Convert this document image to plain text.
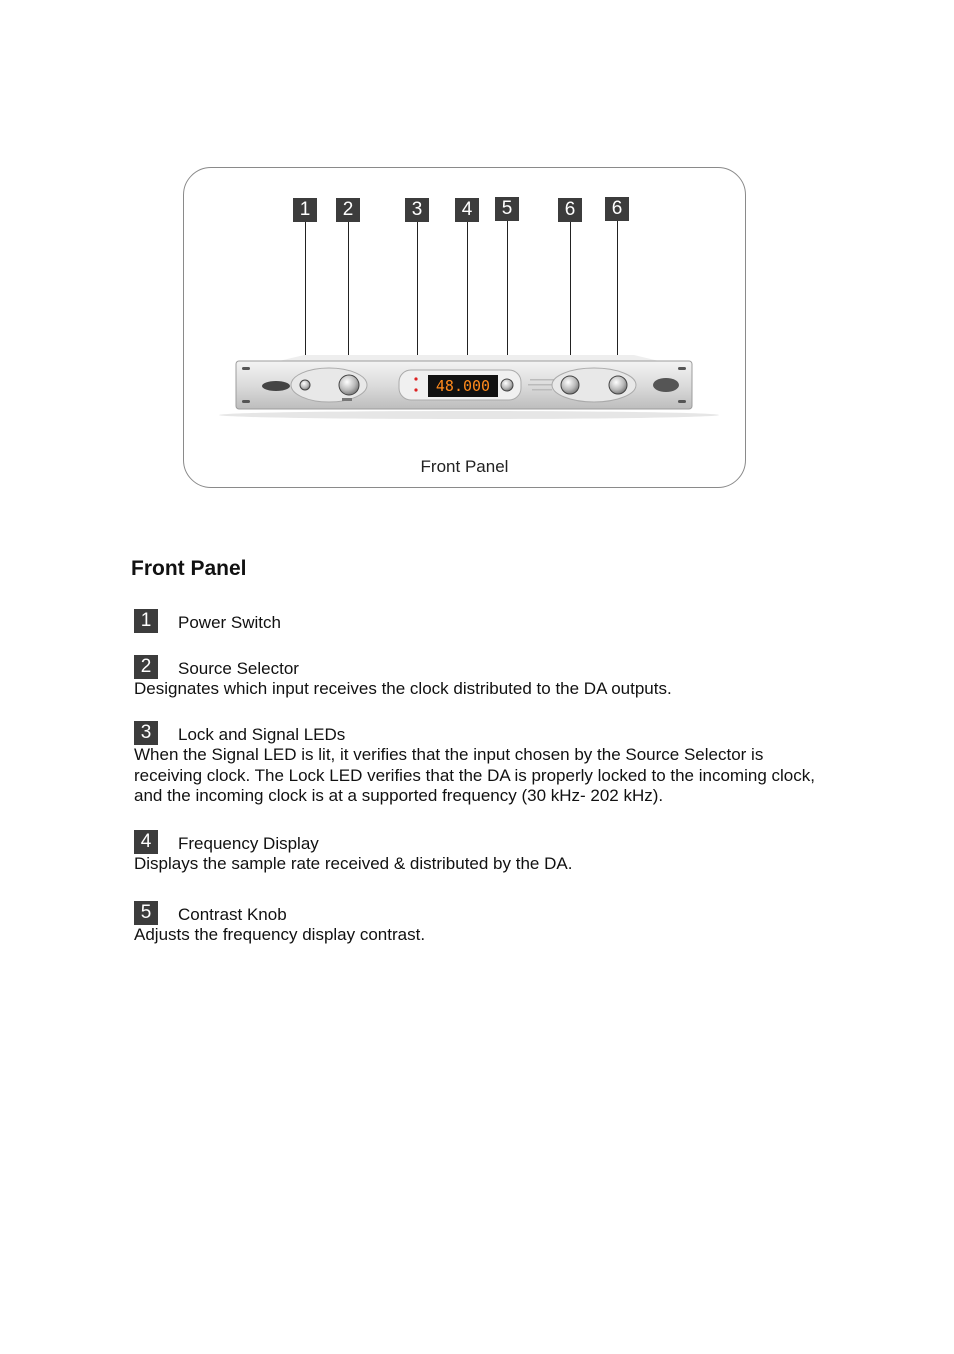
1	2	3	4	5	6	6
48.000
Front Panel
Front Panel
1	Power Switch
2	Source Selector
Designates which input receives the clock distributed to the DA outputs.
3	Lock and Signal LEDs
When the Signal LED is lit, it verifies that the input chosen by the Source Selector is receiving clock. The Lock LED verifies that the DA is properly locked to the incoming clock, and the incoming clock is at a supported frequency (30 kHz- 202 kHz).
4	Frequency Display
Displays the sample rate received & distributed by the DA.
5	Contrast Knob
Adjusts the frequency display contrast.
